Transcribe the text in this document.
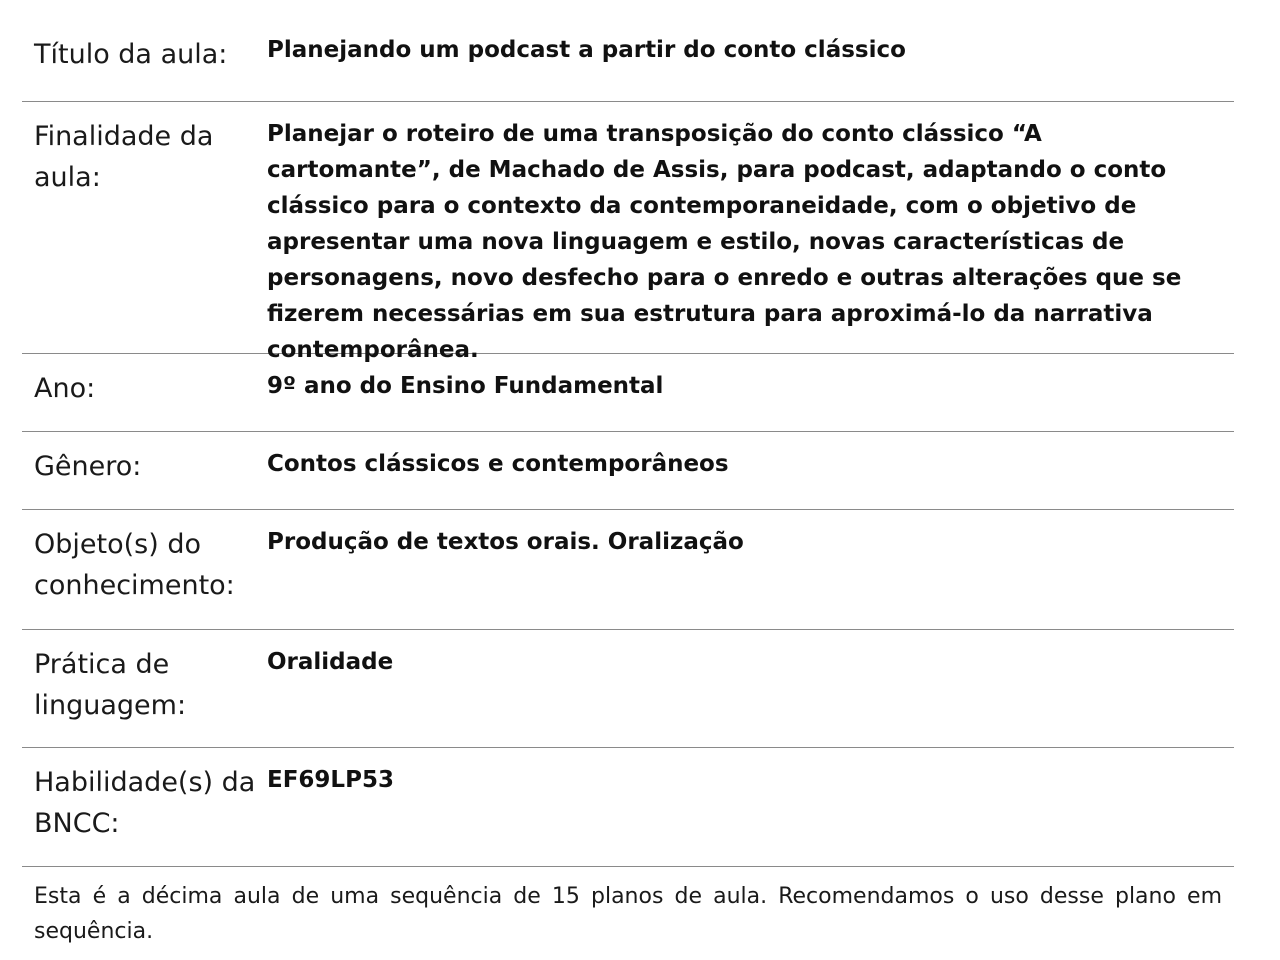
Título da aula:	Planejando um podcast a partir do conto clássico
Finalidade da aula:
Planejar o roteiro de uma transposição do conto clássico “A cartomante”, de Machado de Assis, para podcast, adaptando o conto clássico para o contexto da contemporaneidade, com o objetivo de apresentar uma nova linguagem e estilo, novas características de personagens, novo desfecho para o enredo e outras alterações que se fizerem necessárias em sua estrutura para aproximá-lo da narrativa contemporânea.
Ano:	9º ano do Ensino Fundamental
Gênero:	Contos clássicos e contemporâneos
Objeto(s) do conhecimento:
Produção de textos orais. Oralização
Prática de linguagem:
Oralidade
Habilidade(s) da BNCC:
EF69LP53
Esta é a décima aula de uma sequência de 15 planos de aula. Recomendamos o uso desse plano em sequência.
